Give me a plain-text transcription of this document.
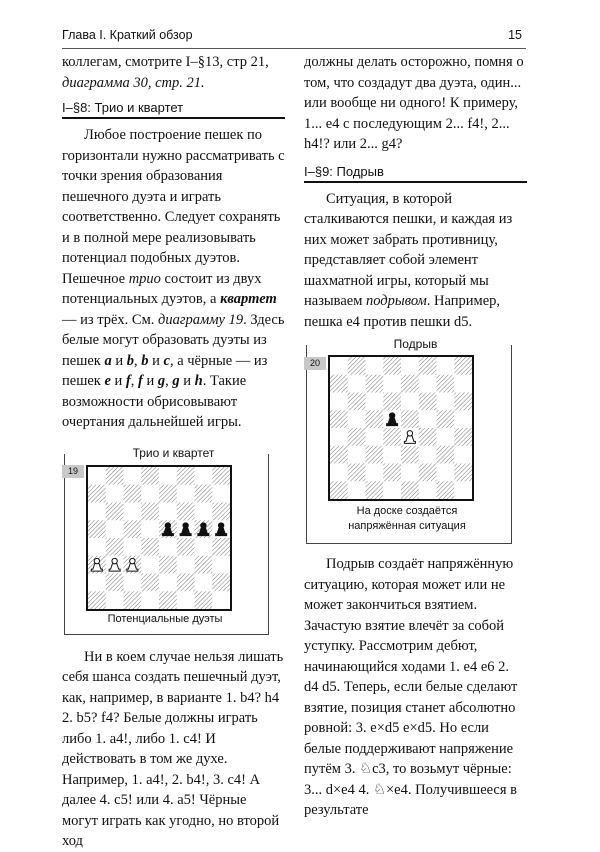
Глава I. Краткий обзор	15

коллегам, смотрите I–§13, стр 21, диаграмма 30, стр. 21.

I–§8: Трио и квартет

Любое построение пешек по горизонтали нужно рассматривать с точки зрения образования пешечного дуэта и играть соответственно. Следует сохранять и в полной мере реализовывать потенциал подобных дуэтов. Пешечное трио состоит из двух потенциальных дуэтов, а квартет — из трёх. См. диаграмму 19. Здесь белые могут образовать дуэты из пешек a и b, b и c, а чёрные — из пешек e и f, f и g, g и h. Такие возможности обрисовывают очертания дальнейшей игры.

Трио и квартет

19

Потенциальные дуэты

Ни в коем случае нельзя лишать себя шанса создать пешечный дуэт, как, например, в варианте 1. b4? h4 2. b5? f4? Белые должны играть либо 1. a4!, либо 1. c4! И действовать в том же духе. Например, 1. a4!, 2. b4!, 3. c4! А далее 4. c5! или 4. a5! Чёрные могут играть как угодно, но второй ход

должны делать осторожно, помня о том, что создадут два дуэта, один... или вообще ни одного! К примеру, 1... e4 с последующим 2... f4!, 2... h4!? или 2... g4?

I–§9: Подрыв

Ситуация, в которой сталкиваются пешки, и каждая из них может забрать противницу, представляет собой элемент шахматной игры, который мы называем подрывом. Например, пешка e4 против пешки d5.

Подрыв

20

На доске создаётся

напряжённая ситуация

Подрыв создаёт напряжённую ситуацию, которая может или не может закончиться взятием. Зачастую взятие влечёт за собой уступку. Рассмотрим дебют, начинающийся ходами 1. e4 e6 2. d4 d5. Теперь, если белые сделают взятие, позиция станет абсолютно ровной: 3. e×d5 e×d5. Но если белые поддерживают напряжение путём 3. ♘c3, то возьмут чёрные: 3... d×e4 4. ♘×e4. Получившееся в результате
